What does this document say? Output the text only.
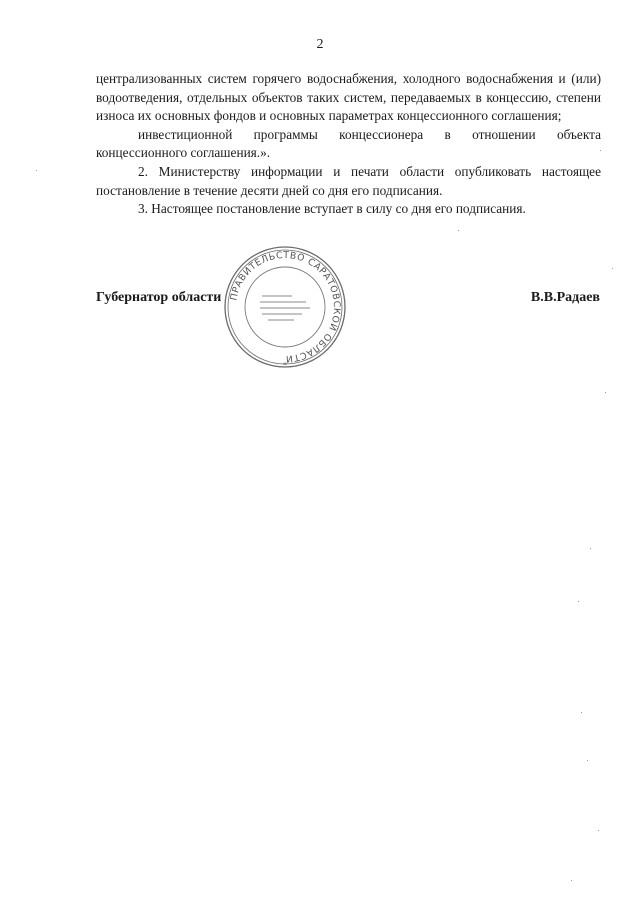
2

централизованных систем горячего водоснабжения, холодного водоснабжения и (или) водоотведения, отдельных объектов таких систем, передаваемых в концессию, степени износа их основных фондов и основных параметрах концессионного соглашения;

инвестиционной программы концессионера в отношении объекта концессионного соглашения.».

2. Министерству информации и печати области опубликовать настоящее постановление в течение десяти дней со дня его подписания.

3. Настоящее постановление вступает в силу со дня его подписания.

ПРАВИТЕЛЬСТВО САРАТОВСКОЙ ОБЛАСТИ
*
Губернатор области	В.В.Радаев
